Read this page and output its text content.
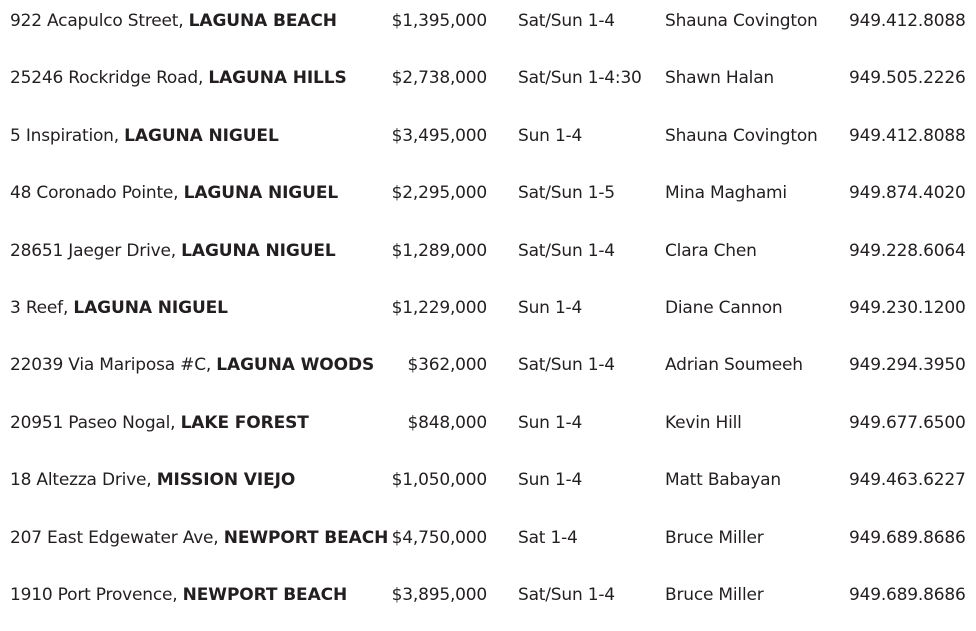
922 Acapulco Street, LAGUNA BEACH	$1,395,000 Sat/Sun 1-4	Shauna Covington 949.412.8088
25246 Rockridge Road, LAGUNA HILLS	$2,738,000 Sat/Sun 1-4:30 Shawn Halan	949.505.2226
5 Inspiration, LAGUNA NIGUEL	$3,495,000 Sun 1-4	Shauna Covington 949.412.8088
48 Coronado Pointe, LAGUNA NIGUEL	$2,295,000 Sat/Sun 1-5	Mina Maghami	949.874.4020
28651 Jaeger Drive, LAGUNA NIGUEL	$1,289,000 Sat/Sun 1-4	Clara Chen	949.228.6064
3 Reef, LAGUNA NIGUEL	$1,229,000 Sun 1-4	Diane Cannon	949.230.1200
22039 Via Mariposa #C, LAGUNA WOODS $362,000 Sat/Sun 1-4	Adrian Soumeeh	949.294.3950
20951 Paseo Nogal, LAKE FOREST	$848,000 Sun 1-4	Kevin Hill	949.677.6500
18 Altezza Drive, MISSION VIEJO	$1,050,000 Sun 1-4	Matt Babayan	949.463.6227
207 East Edgewater Ave, NEWPORT BEACH $4,750,000 Sat 1-4	Bruce Miller	949.689.8686
1910 Port Provence, NEWPORT BEACH	$3,895,000 Sat/Sun 1-4	Bruce Miller	949.689.8686
